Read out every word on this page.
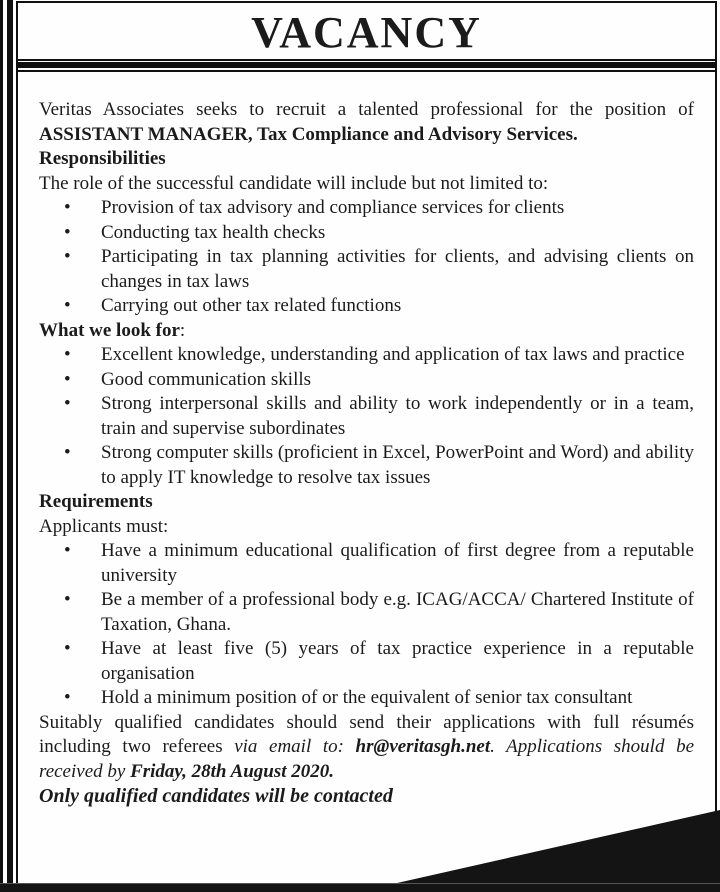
VACANCY

Veritas Associates seeks to recruit a talented professional for the position of

ASSISTANT MANAGER, Tax Compliance and Advisory Services.

Responsibilities

The role of the successful candidate will include but not limited to:

•	Provision of tax advisory and compliance services for clients
•	Conducting tax health checks
•	Participating in tax planning activities for clients, and advising clients on changes in tax laws
•	Carrying out other tax related functions
What we look for:
•	Excellent knowledge, understanding and application of tax laws and practice
•	Good communication skills
•	Strong interpersonal skills and ability to work independently or in a team, train and supervise subordinates
•	Strong computer skills (proficient in Excel, PowerPoint and Word) and ability to apply IT knowledge to resolve tax issues
Requirements

Applicants must:

•	Have a minimum educational qualification of first degree from a reputable university
•	Be a member of a professional body e.g. ICAG/ACCA/ Chartered Institute of Taxation, Ghana.
•	Have at least five (5) years of tax practice experience in a reputable organisation
•	Hold a minimum position of or the equivalent of senior tax consultant

Suitably qualified candidates should send their applications with full résumés including two referees via email to: hr@veritasgh.net. Applications should be received by Friday, 28th August 2020.

Only qualified candidates will be contacted
